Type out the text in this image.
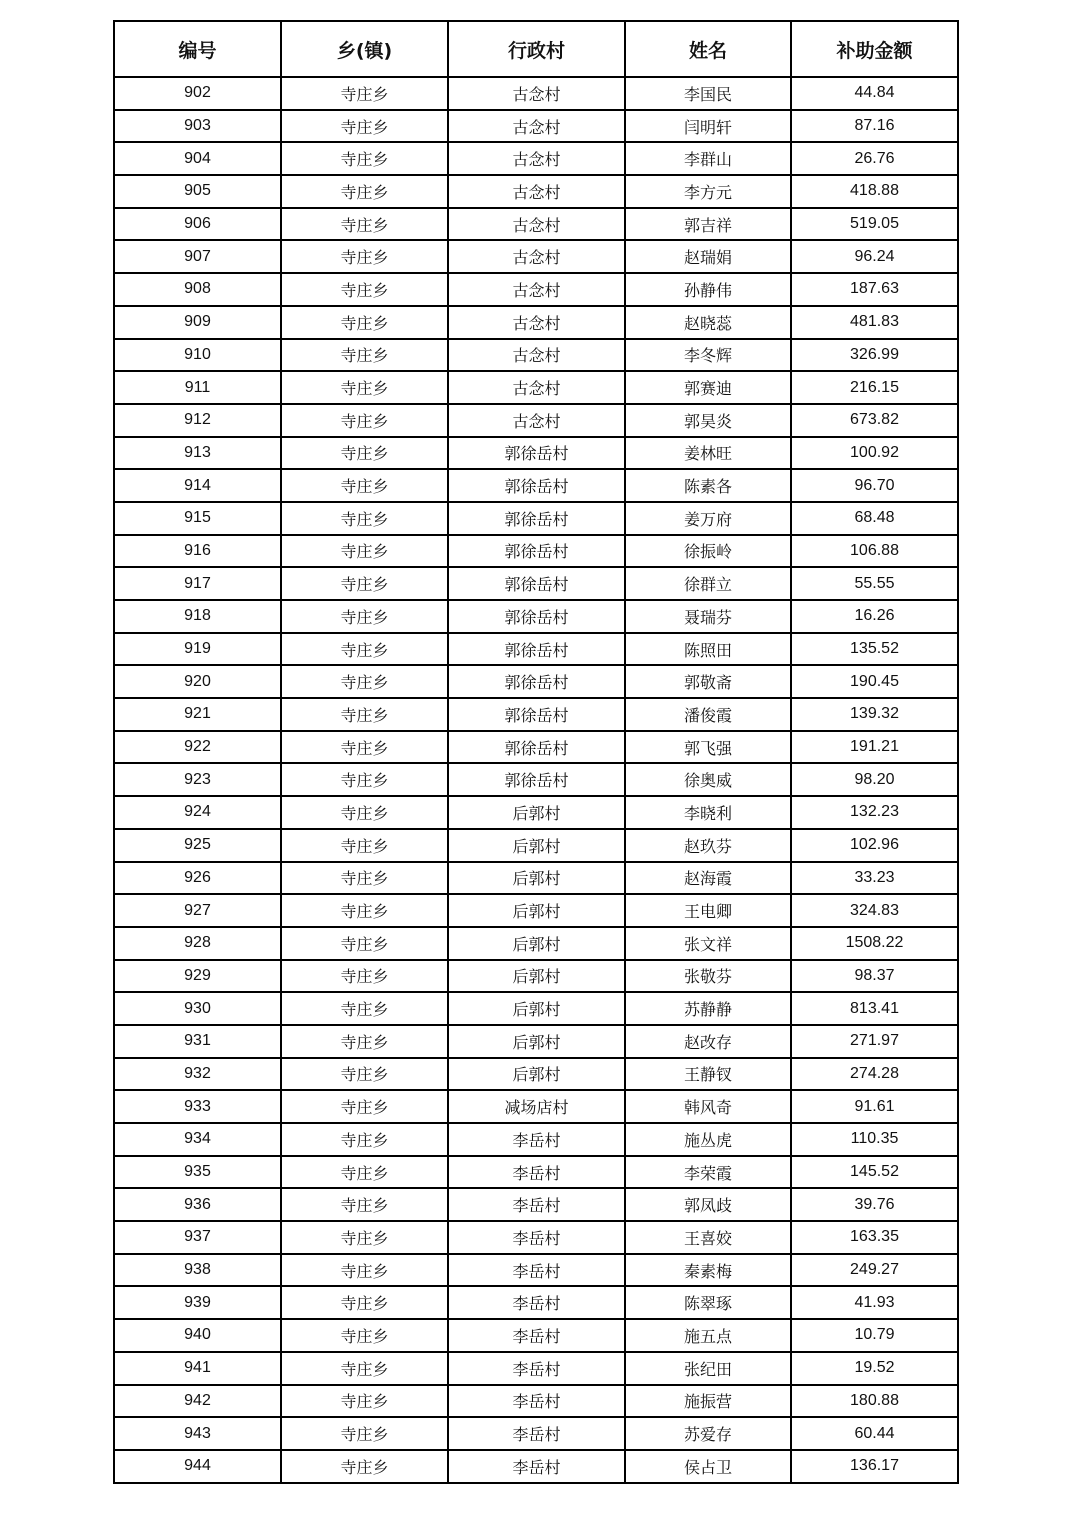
编号	乡(镇)	行政村	姓名	补助金额
902	寺庄乡	古念村	李国民	44.84
903	寺庄乡	古念村	闫明轩	87.16
904	寺庄乡	古念村	李群山	26.76
905	寺庄乡	古念村	李方元	418.88
906	寺庄乡	古念村	郭吉祥	519.05
907	寺庄乡	古念村	赵瑞娟	96.24
908	寺庄乡	古念村	孙静伟	187.63
909	寺庄乡	古念村	赵晓蕊	481.83
910	寺庄乡	古念村	李冬辉	326.99
911	寺庄乡	古念村	郭赛迪	216.15
912	寺庄乡	古念村	郭昊炎	673.82
913	寺庄乡	郭徐岳村	姜林旺	100.92
914	寺庄乡	郭徐岳村	陈素各	96.70
915	寺庄乡	郭徐岳村	姜万府	68.48
916	寺庄乡	郭徐岳村	徐振岭	106.88
917	寺庄乡	郭徐岳村	徐群立	55.55
918	寺庄乡	郭徐岳村	聂瑞芬	16.26
919	寺庄乡	郭徐岳村	陈照田	135.52
920	寺庄乡	郭徐岳村	郭敬斋	190.45
921	寺庄乡	郭徐岳村	潘俊霞	139.32
922	寺庄乡	郭徐岳村	郭飞强	191.21
923	寺庄乡	郭徐岳村	徐奥威	98.20
924	寺庄乡	后郭村	李晓利	132.23
925	寺庄乡	后郭村	赵玖芬	102.96
926	寺庄乡	后郭村	赵海霞	33.23
927	寺庄乡	后郭村	王电卿	324.83
928	寺庄乡	后郭村	张文祥	1508.22
929	寺庄乡	后郭村	张敬芬	98.37
930	寺庄乡	后郭村	苏静静	813.41
931	寺庄乡	后郭村	赵改存	271.97
932	寺庄乡	后郭村	王静钗	274.28
933	寺庄乡	减场店村	韩风奇	91.61
934	寺庄乡	李岳村	施丛虎	110.35
935	寺庄乡	李岳村	李荣霞	145.52
936	寺庄乡	李岳村	郭凤歧	39.76
937	寺庄乡	李岳村	王喜姣	163.35
938	寺庄乡	李岳村	秦素梅	249.27
939	寺庄乡	李岳村	陈翠琢	41.93
940	寺庄乡	李岳村	施五点	10.79
941	寺庄乡	李岳村	张纪田	19.52
942	寺庄乡	李岳村	施振营	180.88
943	寺庄乡	李岳村	苏爱存	60.44
944	寺庄乡	李岳村	侯占卫	136.17
